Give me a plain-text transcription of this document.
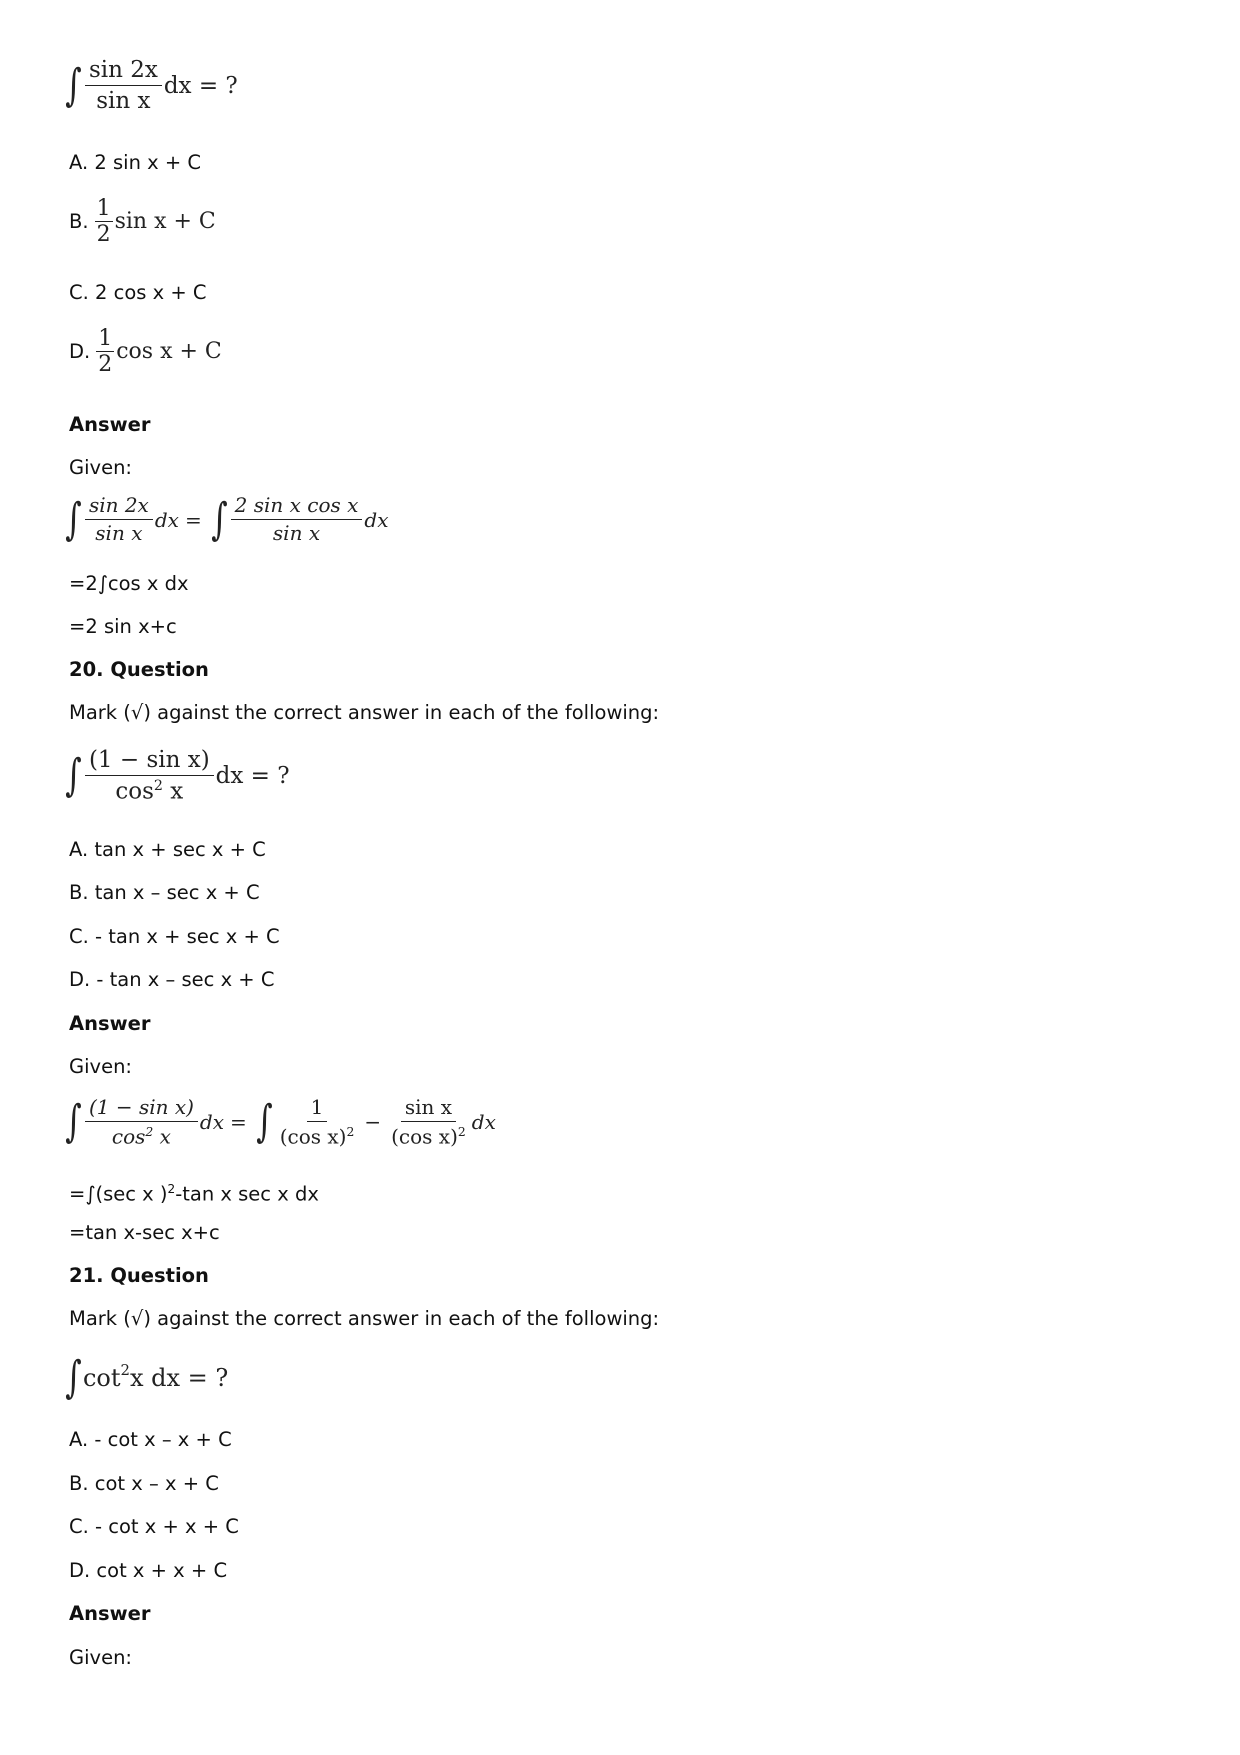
∫ $\frac{\sin 2x}{\text{sin x}}$ dx = ?
A. 2 sin x + C
B. $\frac{1}{2}$ sin x + C
C. 2 cos x + C
D. $\frac{1}{2}$ cos x + C
Answer
Given:
∫ $\frac{\sin 2x}{\text{sin x}}$ dx = ∫ $\frac{\text{2 sin x cos x}}{\text{sin x}}$ dx
=2∫cos x dx
=2 sin x+c
20. Question
Mark (√) against the correct answer in each of the following:
∫ $\frac{\text{(1 − sin x)}}{\cos^2 x}$ dx = ?
A. tan x + sec x + C
B. tan x – sec x + C
C. - tan x + sec x + C
D. - tan x – sec x + C
Answer
Given:
∫ $\frac{\text{(1 − sin x)}}{\cos^2 x}$ dx = ∫ $\frac{1}{(\cos x)^2} - \frac{\text{sin x}}{(\cos x)^2}$ dx
=∫(sec x )$^2$-tan x sec x dx
=tan x-sec x+c
21. Question
Mark (√) against the correct answer in each of the following:
∫ $\cot^2 x$ dx = ?
A. - cot x – x + C
B. cot x – x + C
C. - cot x + x + C
D. cot x + x + C
Answer
Given:
